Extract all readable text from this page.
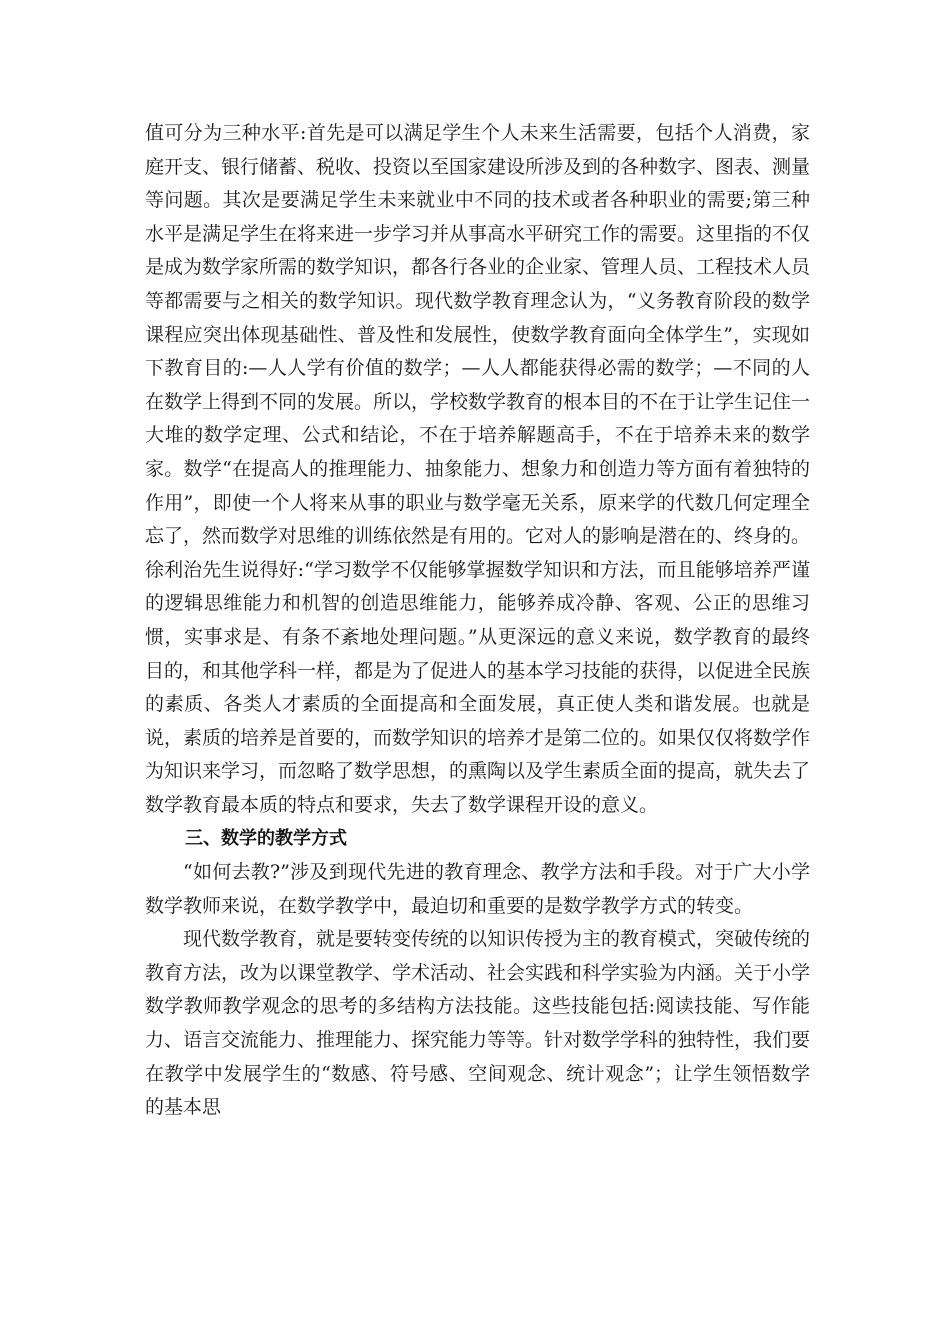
值可分为三种水平:首先是可以满足学生个人未来生活需要，包括个人消费，家庭开支、银行储蓄、税收、投资以至国家建设所涉及到的各种数字、图表、测量等问题。其次是要满足学生未来就业中不同的技术或者各种职业的需要;第三种水平是满足学生在将来进一步学习并从事高水平研究工作的需要。这里指的不仅是成为数学家所需的数学知识，都各行各业的企业家、管理人员、工程技术人员等都需要与之相关的数学知识。现代数学教育理念认为，“义务教育阶段的数学课程应突出体现基础性、普及性和发展性，使数学教育面向全体学生”，实现如下教育目的:—人人学有价值的数学；—人人都能获得必需的数学；—不同的人在数学上得到不同的发展。所以，学校数学教育的根本目的不在于让学生记住一大堆的数学定理、公式和结论，不在于培养解题高手，不在于培养未来的数学家。数学“在提高人的推理能力、抽象能力、想象力和创造力等方面有着独特的作用”，即使一个人将来从事的职业与数学毫无关系，原来学的代数几何定理全忘了，然而数学对思维的训练依然是有用的。它对人的影响是潜在的、终身的。徐利治先生说得好:“学习数学不仅能够掌握数学知识和方法，而且能够培养严谨的逻辑思维能力和机智的创造思维能力，能够养成冷静、客观、公正的思维习惯，实事求是、有条不紊地处理问题。”从更深远的意义来说，数学教育的最终目的，和其他学科一样，都是为了促进人的基本学习技能的获得，以促进全民族的素质、各类人才素质的全面提高和全面发展，真正使人类和谐发展。也就是说，素质的培养是首要的，而数学知识的培养才是第二位的。如果仅仅将数学作为知识来学习，而忽略了数学思想，的熏陶以及学生素质全面的提高，就失去了数学教育最本质的特点和要求，失去了数学课程开设的意义。

三、数学的教学方式

“如何去教?”涉及到现代先进的教育理念、教学方法和手段。对于广大小学数学教师来说，在数学教学中，最迫切和重要的是数学教学方式的转变。

现代数学教育，就是要转变传统的以知识传授为主的教育模式，突破传统的教育方法，改为以课堂教学、学术活动、社会实践和科学实验为内涵。关于小学数学教师教学观念的思考的多结构方法技能。这些技能包括:阅读技能、写作能力、语言交流能力、推理能力、探究能力等等。针对数学学科的独特性，我们要在教学中发展学生的“数感、符号感、空间观念、统计观念”；让学生领悟数学的基本思
